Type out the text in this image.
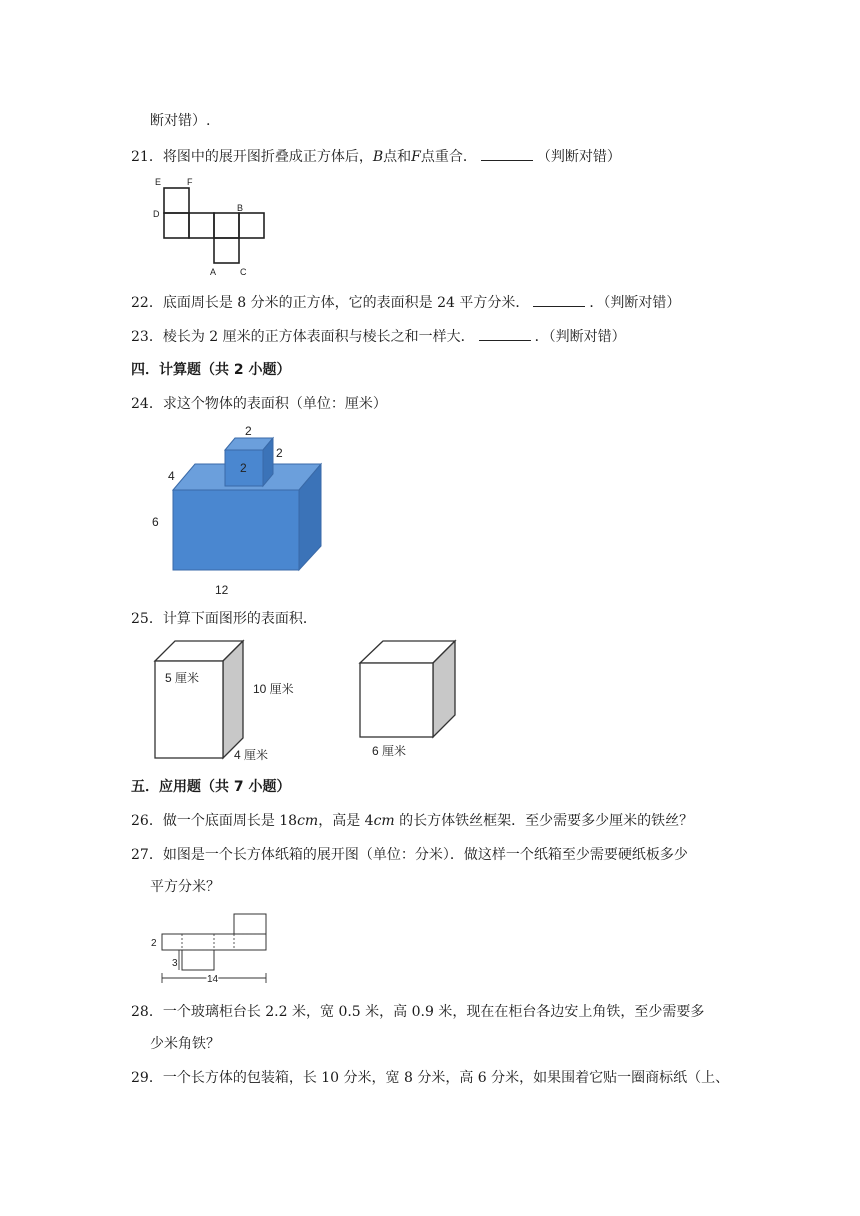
断对错）.
21．将图中的展开图折叠成正方体后，B点和F点重合．	（判断对错）
E	F
D
B
A	C
22．底面周长是 8 分米的正方体，它的表面积是 24 平方分米．	．（判断对错）
23．棱长为 2 厘米的正方体表面积与棱长之和一样大．	．（判断对错）
四．计算题（共 2 小题）
24．求这个物体的表面积（单位：厘米）
2
2
2
4
6
12
25．计算下面图形的表面积．
5 厘米
10 厘米
4 厘米	6 厘米
五．应用题（共 7 小题）
26．做一个底面周长是 18cm，高是 4cm 的长方体铁丝框架．至少需要多少厘米的铁丝？
27．如图是一个长方体纸箱的展开图（单位：分米）．做这样一个纸箱至少需要硬纸板多少
平方分米？
2
3
14
28．一个玻璃柜台长 2.2 米，宽 0.5 米，高 0.9 米，现在在柜台各边安上角铁，至少需要多
少米角铁？
29．一个长方体的包装箱，长 10 分米，宽 8 分米，高 6 分米，如果围着它贴一圈商标纸（上、
